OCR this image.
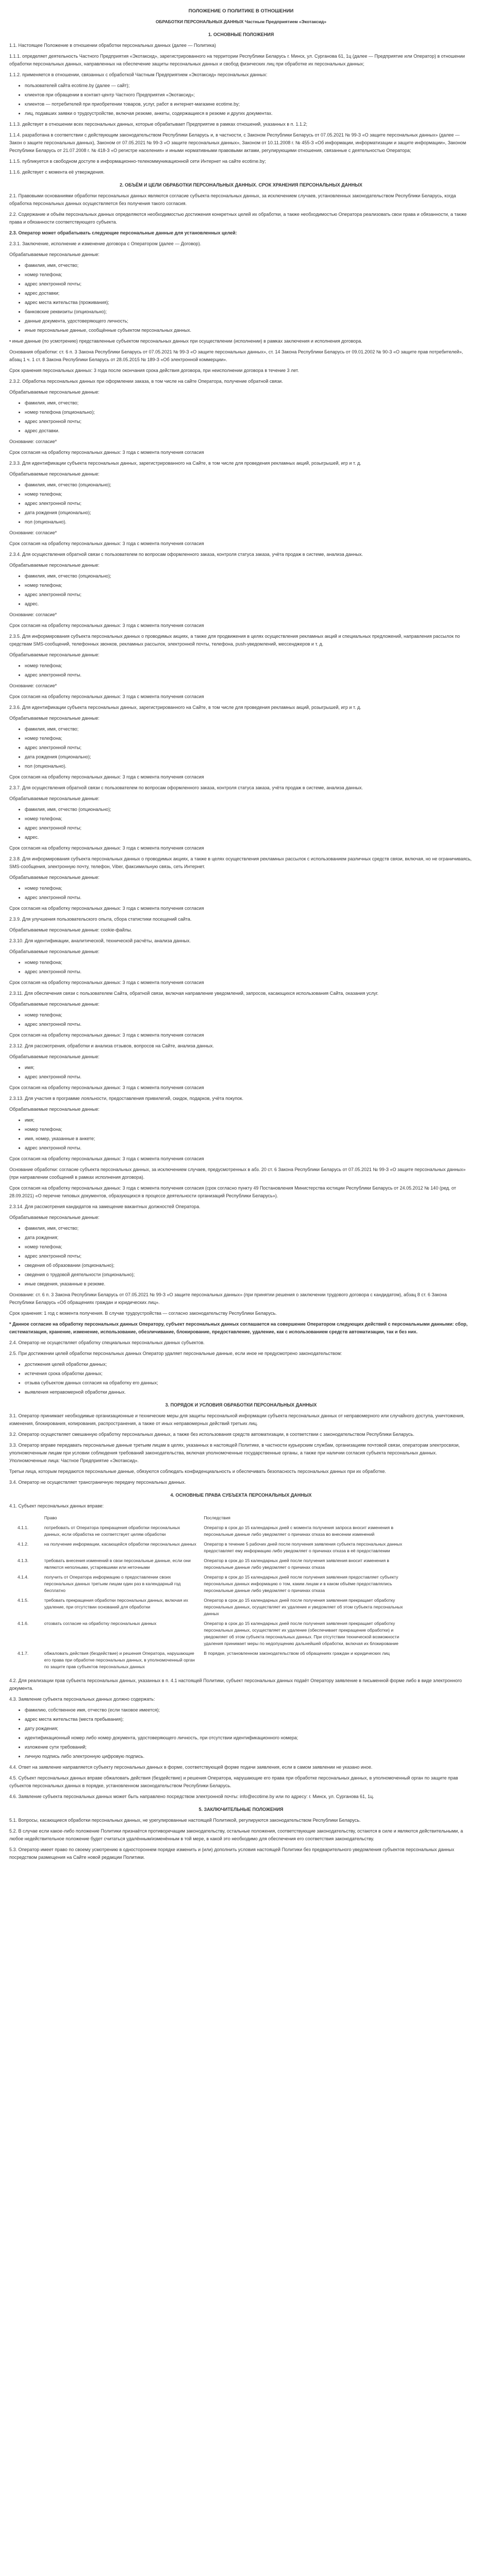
ПОЛОЖЕНИЕ О ПОЛИТИКЕ В ОТНОШЕНИИ
ОБРАБОТКИ ПЕРСОНАЛЬНЫХ ДАННЫХ Частным Предприятием «Экотаксид»
1. ОСНОВНЫЕ ПОЛОЖЕНИЯ

1.1. Настоящее Положение в отношении обработки персональных данных (далее — Политика)

1.1.1. определяет деятельность Частного Предприятия «Экотаксид», зарегистрированного на территории Республики Беларусь г. Минск, ул. Сурганова 61, 1ц (далее — Предприятие или Оператор) в отношении обработки персональных данных, направленных на обеспечение защиты персональных данных и свобод физических лиц при обработке их персональных данных;

1.1.2. применяется в отношении, связанных с обработкой Частным Предприятием «Экотаксид» персональных данных:

• пользователей сайта ecotime.by (далее — сайт);
• клиентов при обращении в контакт-центр Частного Предприятия «Экотаксид»;
• клиентов — потребителей при приобретении товаров, услуг, работ в интернет-магазине ecotime.by;
• лиц, подавших заявки о трудоустройстве, включая резюме, анкеты, содержащиеся в резюме и других документах.

1.1.3. действует в отношении всех персональных данных, которые обрабатывает Предприятие в рамках отношений, указанных в п. 1.1.2;

1.1.4. разработана в соответствии с действующим законодательством Республики Беларусь и, в частности, с Законом Республики Беларусь от 07.05.2021 № 99-З «О защите персональных данных» (далее — Закон о защите персональных данных), Законом от 07.05.2021 № 99-З «О защите персональных данных», Законом от 10.11.2008 г. № 455-З «Об информации, информатизации и защите информации», Законом Республики Беларусь от 21.07.2008 г. № 418-З «О регистре населения» и иными нормативными правовыми актами, регулирующими отношения, связанные с деятельностью Оператора;

1.1.5. публикуется в свободном доступе в информационно-телекоммуникационной сети Интернет на сайте ecotime.by;

1.1.6. действует с момента её утверждения.

2. ОБЪЁМ И ЦЕЛИ ОБРАБОТКИ ПЕРСОНАЛЬНЫХ ДАННЫХ. СРОК ХРАНЕНИЯ ПЕРСОНАЛЬНЫХ ДАННЫХ

2.1. Правовыми основаниями обработки персональных данных являются согласие субъекта персональных данных, за исключением случаев, установленных законодательством Республики Беларусь, когда обработка персональных данных осуществляется без получения такого согласия.

2.2. Содержание и объём персональных данных определяются необходимостью достижения конкретных целей их обработки, а также необходимостью Оператора реализовать свои права и обязанности, а также права и обязанности соответствующего субъекта.

2.3. Оператор может обрабатывать следующие персональные данные для установленных целей:

2.3.1. Заключение, исполнение и изменение договора с Оператором (далее — Договор).

Обрабатываемые персональные данные:

• фамилия, имя, отчество;
• номер телефона;
• адрес электронной почты;
• адрес доставки;
• адрес места жительства (проживания);
• банковские реквизиты (опционально);
• данные документа, удостоверяющего личность;
• иные персональные данные, сообщённые субъектом персональных данных.

• иные данные (по усмотрению) представленные субъектом персональных данных при осуществлении (исполнении) в рамках заключения и исполнения договора.

Основания обработки: ст. 6 п. 3 Закона Республики Беларусь от 07.05.2021 № 99-З «О защите персональных данных», ст. 14 Закона Республики Беларусь от 09.01.2002 № 90-З «О защите прав потребителей», абзац 1 ч. 1 ст. 8 Закона Республики Беларусь от 28.05.2015 № 189-З «Об электронной коммерции».

Срок хранения персональных данных: 3 года после окончания срока действия договора, при неисполнении договора в течение 3 лет.

2.3.2. Обработка персональных данных при оформлении заказа, в том числе на сайте Оператора, получение обратной связи.

Обрабатываемые персональные данные:

• фамилия, имя, отчество;
• номер телефона (опционально);
• адрес электронной почты;
• адрес доставки.

Основание: согласие*

Срок согласия на обработку персональных данных: 3 года с момента получения согласия

2.3.3. Для идентификации субъекта персональных данных, зарегистрированного на Сайте, в том числе для проведения рекламных акций, розыгрышей, игр и т. д.

Обрабатываемые персональные данные:

• фамилия, имя, отчество (опционально);
• номер телефона;
• адрес электронной почты;
• дата рождения (опционально);
• пол (опционально).

Основание: согласие*

Срок согласия на обработку персональных данных: 3 года с момента получения согласия

2.3.4. Для осуществления обратной связи с пользователем по вопросам оформленного заказа, контроля статуса заказа, учёта продаж в системе, анализа данных.

Обрабатываемые персональные данные:

• фамилия, имя, отчество (опционально);
• номер телефона;
• адрес электронной почты;
• адрес.

Основание: согласие*

Срок согласия на обработку персональных данных: 3 года с момента получения согласия

2.3.5. Для информирования субъекта персональных данных о проводимых акциях, а также для продвижения в целях осуществления рекламных акций и специальных предложений, направления рассылок по средствам SMS-сообщений, телефонных звонков, рекламных рассылок, электронной почты, телефона, push-уведомлений, мессенджеров и т. д.

Обрабатываемые персональные данные:

• номер телефона;
• адрес электронной почты.

Основание: согласие*

Срок согласия на обработку персональных данных: 3 года с момента получения согласия

2.3.6. Для идентификации субъекта персональных данных, зарегистрированного на Сайте, в том числе для проведения рекламных акций, розыгрышей, игр и т. д.

Обрабатываемые персональные данные:

• фамилия, имя, отчество;
• номер телефона;
• адрес электронной почты;
• дата рождения (опционально);
• пол (опционально).

Срок согласия на обработку персональных данных: 3 года с момента получения согласия

2.3.7. Для осуществления обратной связи с пользователем по вопросам оформленного заказа, контроля статуса заказа, учёта продаж в системе, анализа данных.

Обрабатываемые персональные данные:

• фамилия, имя, отчество (опционально);
• номер телефона;
• адрес электронной почты;
• адрес.

Срок согласия на обработку персональных данных: 3 года с момента получения согласия

2.3.8. Для информирования субъекта персональных данных о проводимых акциях, а также в целях осуществления рекламных рассылок с использованием различных средств связи, включая, но не ограничиваясь, SMS-сообщения, электронную почту, телефон, Viber, факсимильную связь, сеть Интернет.

Обрабатываемые персональные данные:

• номер телефона;
• адрес электронной почты.

Срок согласия на обработку персональных данных: 3 года с момента получения согласия

2.3.9. Для улучшения пользовательского опыта, сбора статистики посещений сайта.

Обрабатываемые персональные данные: cookie-файлы.

2.3.10. Для идентификации, аналитической, технической расчёты, анализа данных.

Обрабатываемые персональные данные:

• номер телефона;
• адрес электронной почты.

Срок согласия на обработку персональных данных: 3 года с момента получения согласия

2.3.11. Для обеспечения связи с пользователем Сайта, обратной связи, включая направление уведомлений, запросов, касающихся использования Сайта, оказания услуг.

Обрабатываемые персональные данные:

• номер телефона;
• адрес электронной почты.

Срок согласия на обработку персональных данных: 3 года с момента получения согласия

2.3.12. Для рассмотрения, обработки и анализа отзывов, вопросов на Сайте, анализа данных.

Обрабатываемые персональные данные:

• имя;
• адрес электронной почты.

Срок согласия на обработку персональных данных: 3 года с момента получения согласия

2.3.13. Для участия в программе лояльности, предоставления привилегий, скидок, подарков, учёта покупок.

Обрабатываемые персональные данные:

• имя;
• номер телефона;
• имя, номер, указанные в анкете;
• адрес электронной почты.

Срок согласия на обработку персональных данных: 3 года с момента получения согласия

Основание обработки: согласие субъекта персональных данных, за исключением случаев, предусмотренных в абз. 20 ст. 6 Закона Республики Беларусь от 07.05.2021 № 99-З «О защите персональных данных» (при направлении сообщений в рамках исполнения договора).

Срок согласия на обработку персональных данных: 3 года с момента получения согласия (срок согласно пункту 49 Постановления Министерства юстиции Республики Беларусь от 24.05.2012 № 140 (ред. от 28.09.2021) «О перечне типовых документов, образующихся в процессе деятельности организаций Республики Беларусь»).

2.3.14. Для рассмотрения кандидатов на замещение вакантных должностей Оператора.

Обрабатываемые персональные данные:

• фамилия, имя, отчество;
• дата рождения;
• номер телефона;
• адрес электронной почты;
• сведения об образовании (опционально);
• сведения о трудовой деятельности (опционально);
• иные сведения, указанные в резюме.

Основание: ст. 6 п. 3 Закона Республики Беларусь от 07.05.2021 № 99-З «О защите персональных данных» (при принятии решения о заключении трудового договора с кандидатом), абзац 8 ст. 6 Закона Республики Беларусь «Об обращениях граждан и юридических лиц».

Срок хранения: 1 год с момента получения. В случае трудоустройства — согласно законодательству Республики Беларусь.

* Данное согласие на обработку персональных данных Оператору, субъект персональных данных соглашается на совершение Оператором следующих действий с персональными данными: сбор, систематизация, хранение, изменение, использование, обезличивание, блокирование, предоставление, удаление, как с использованием средств автоматизации, так и без них.

2.4. Оператор не осуществляет обработку специальных персональных данных субъектов.

2.5. При достижении целей обработки персональных данных Оператор удаляет персональные данные, если иное не предусмотрено законодательством:

• достижения целей обработки данных;
• истечения срока обработки данных;
• отзыва субъектом данных согласия на обработку его данных;
• выявления неправомерной обработки данных.
3. ПОРЯДОК И УСЛОВИЯ ОБРАБОТКИ ПЕРСОНАЛЬНЫХ ДАННЫХ

3.1. Оператор принимает необходимые организационные и технические меры для защиты персональной информации субъекта персональных данных от неправомерного или случайного доступа, уничтожения, изменения, блокирования, копирования, распространения, а также от иных неправомерных действий третьих лиц.

3.2. Оператор осуществляет смешанную обработку персональных данных, а также без использования средств автоматизации, в соответствии с законодательством Республики Беларусь.

3.3. Оператор вправе передавать персональные данные третьим лицам в целях, указанных в настоящей Политике, в частности курьерским службам, организациям почтовой связи, операторам электросвязи, уполномоченным лицам при условии соблюдения требований законодательства, включая уполномоченные государственные органы, а также при наличии согласия субъекта персональных данных. Уполномоченные лица: Частное Предприятие «Экотаксид».

Третьи лица, которым передаются персональные данные, обязуются соблюдать конфиденциальность и обеспечивать безопасность персональных данных при их обработке.

3.4. Оператор не осуществляет трансграничную передачу персональных данных.

4. ОСНОВНЫЕ ПРАВА СУБЪЕКТА ПЕРСОНАЛЬНЫХ ДАННЫХ

4.1. Субъект персональных данных вправе:

	Право	Последствия
4.1.1.	потребовать от Оператора прекращения обработки персональных данных, если обработка не соответствует целям обработки	Оператор в срок до 15 календарных дней с момента получения запроса вносит изменения в персональные данные либо уведомляет о причинах отказа во внесении изменений
4.1.2.	на получение информации, касающейся обработки персональных данных	Оператор в течение 5 рабочих дней после получения заявления субъекта персональных данных предоставляет ему информацию либо уведомляет о причинах отказа в её предоставлении
4.1.3.	требовать внесения изменений в свои персональные данные, если они являются неполными, устаревшими или неточными	Оператор в срок до 15 календарных дней после получения заявления вносит изменения в персональные данные либо уведомляет о причинах отказа
4.1.4.	получить от Оператора информацию о предоставлении своих персональных данных третьим лицам один раз в календарный год бесплатно	Оператор в срок до 15 календарных дней после получения заявления предоставляет субъекту персональных данных информацию о том, каким лицам и в каком объёме предоставлялись персональные данные либо уведомляет о причинах отказа
4.1.5.	требовать прекращения обработки персональных данных, включая их удаление, при отсутствии оснований для обработки	Оператор в срок до 15 календарных дней после получения заявления прекращает обработку персональных данных, осуществляет их удаление и уведомляет об этом субъекта персональных данных
4.1.6.	отозвать согласие на обработку персональных данных	Оператор в срок до 15 календарных дней после получения заявления прекращает обработку персональных данных, осуществляет их удаление (обеспечивает прекращение обработки) и уведомляет об этом субъекта персональных данных. При отсутствии технической возможности удаления принимает меры по недопущению дальнейшей обработки, включая их блокирование
4.1.7.	обжаловать действия (бездействие) и решения Оператора, нарушающие его права при обработке персональных данных, в уполномоченный орган по защите прав субъектов персональных данных	В порядке, установленном законодательством об обращениях граждан и юридических лиц

4.2. Для реализации прав субъекта персональных данных, указанных в п. 4.1 настоящей Политики, субъект персональных данных подаёт Оператору заявление в письменной форме либо в виде электронного документа.

4.3. Заявление субъекта персональных данных должно содержать:

• фамилию, собственное имя, отчество (если таковое имеется);
• адрес места жительства (места пребывания);
• дату рождения;
• идентификационный номер либо номер документа, удостоверяющего личность, при отсутствии идентификационного номера;
• изложение сути требований;
• личную подпись либо электронную цифровую подпись.

4.4. Ответ на заявление направляется субъекту персональных данных в форме, соответствующей форме подачи заявления, если в самом заявлении не указано иное.

4.5. Субъект персональных данных вправе обжаловать действия (бездействие) и решения Оператора, нарушающие его права при обработке персональных данных, в уполномоченный орган по защите прав субъектов персональных данных в порядке, установленном законодательством Республики Беларусь.

4.6. Заявление субъекта персональных данных может быть направлено посредством электронной почты: info@ecotime.by или по адресу: г. Минск, ул. Сурганова 61, 1ц.

5. ЗАКЛЮЧИТЕЛЬНЫЕ ПОЛОЖЕНИЯ

5.1. Вопросы, касающиеся обработки персональных данных, не урегулированные настоящей Политикой, регулируются законодательством Республики Беларусь.

5.2. В случае если какое-либо положение Политики признаётся противоречащим законодательству, остальные положения, соответствующие законодательству, остаются в силе и являются действительными, а любое недействительное положение будет считаться удалённым/изменённым в той мере, в какой это необходимо для обеспечения его соответствия законодательству.

5.3. Оператор имеет право по своему усмотрению в одностороннем порядке изменить и (или) дополнить условия настоящей Политики без предварительного уведомления субъектов персональных данных посредством размещения на Сайте новой редакции Политики.
